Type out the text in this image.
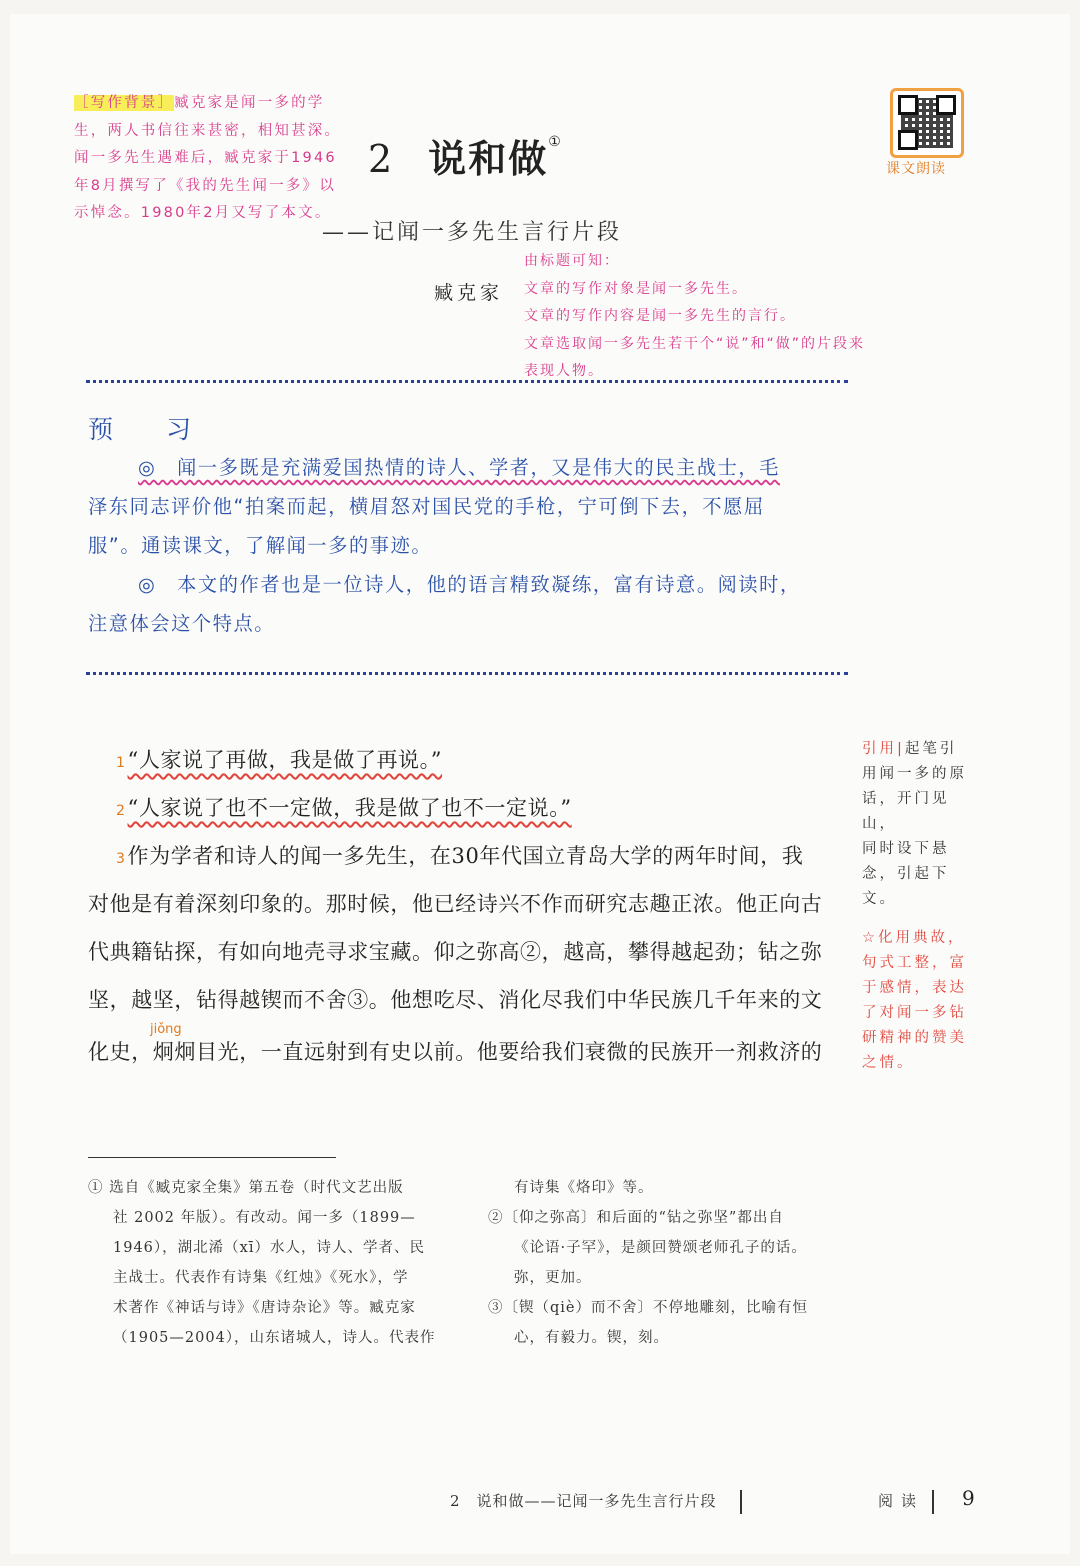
［写作背景］臧克家是闻一多的学
生，两人书信往来甚密，相知甚深。
闻一多先生遇难后，臧克家于1946
年8月撰写了《我的先生闻一多》以
示悼念。1980年2月又写了本文。
2 说和做①
——记闻一多先生言行片段
臧克家
课文朗读
由标题可知：
文章的写作对象是闻一多先生。
文章的写作内容是闻一多先生的言行。
文章选取闻一多先生若干个“说”和“做”的片段来
表现人物。
预　习
◎　闻一多既是充满爱国热情的诗人、学者，又是伟大的民主战士，毛
泽东同志评价他“拍案而起，横眉怒对国民党的手枪，宁可倒下去，不愿屈
服”。通读课文，了解闻一多的事迹。
◎　本文的作者也是一位诗人，他的语言精致凝练，富有诗意。阅读时，
注意体会这个特点。
1“人家说了再做，我是做了再说。”
2“人家说了也不一定做，我是做了也不一定说。”
3作为学者和诗人的闻一多先生，在30年代国立青岛大学的两年时间，我
对他是有着深刻印象的。那时候，他已经诗兴不作而研究志趣正浓。他正向古
代典籍钻探，有如向地壳寻求宝藏。仰之弥高②，越高，攀得越起劲；钻之弥
坚，越坚，钻得越锲而不舍③。他想吃尽、消化尽我们中华民族几千年来的文
jiǒng
化史，炯炯目光，一直远射到有史以前。他要给我们衰微的民族开一剂救济的
引用|起笔引
用闻一多的原
话，开门见山，
同时设下悬
念，引起下文。
☆化用典故，
句式工整，富
于感情，表达
了对闻一多钻
研精神的赞美
之情。
① 选自《臧克家全集》第五卷（时代文艺出版
社 2002 年版）。有改动。闻一多（1899—
1946），湖北浠（xī）水人，诗人、学者、民
主战士。代表作有诗集《红烛》《死水》，学
术著作《神话与诗》《唐诗杂论》等。臧克家
（1905—2004），山东诸城人，诗人。代表作
有诗集《烙印》等。
②〔仰之弥高〕和后面的“钻之弥坚”都出自
《论语·子罕》，是颜回赞颂老师孔子的话。
弥，更加。
③〔锲（qiè）而不舍〕不停地雕刻，比喻有恒
心，有毅力。锲，刻。
2　说和做——记闻一多先生言行片段	阅读 9
